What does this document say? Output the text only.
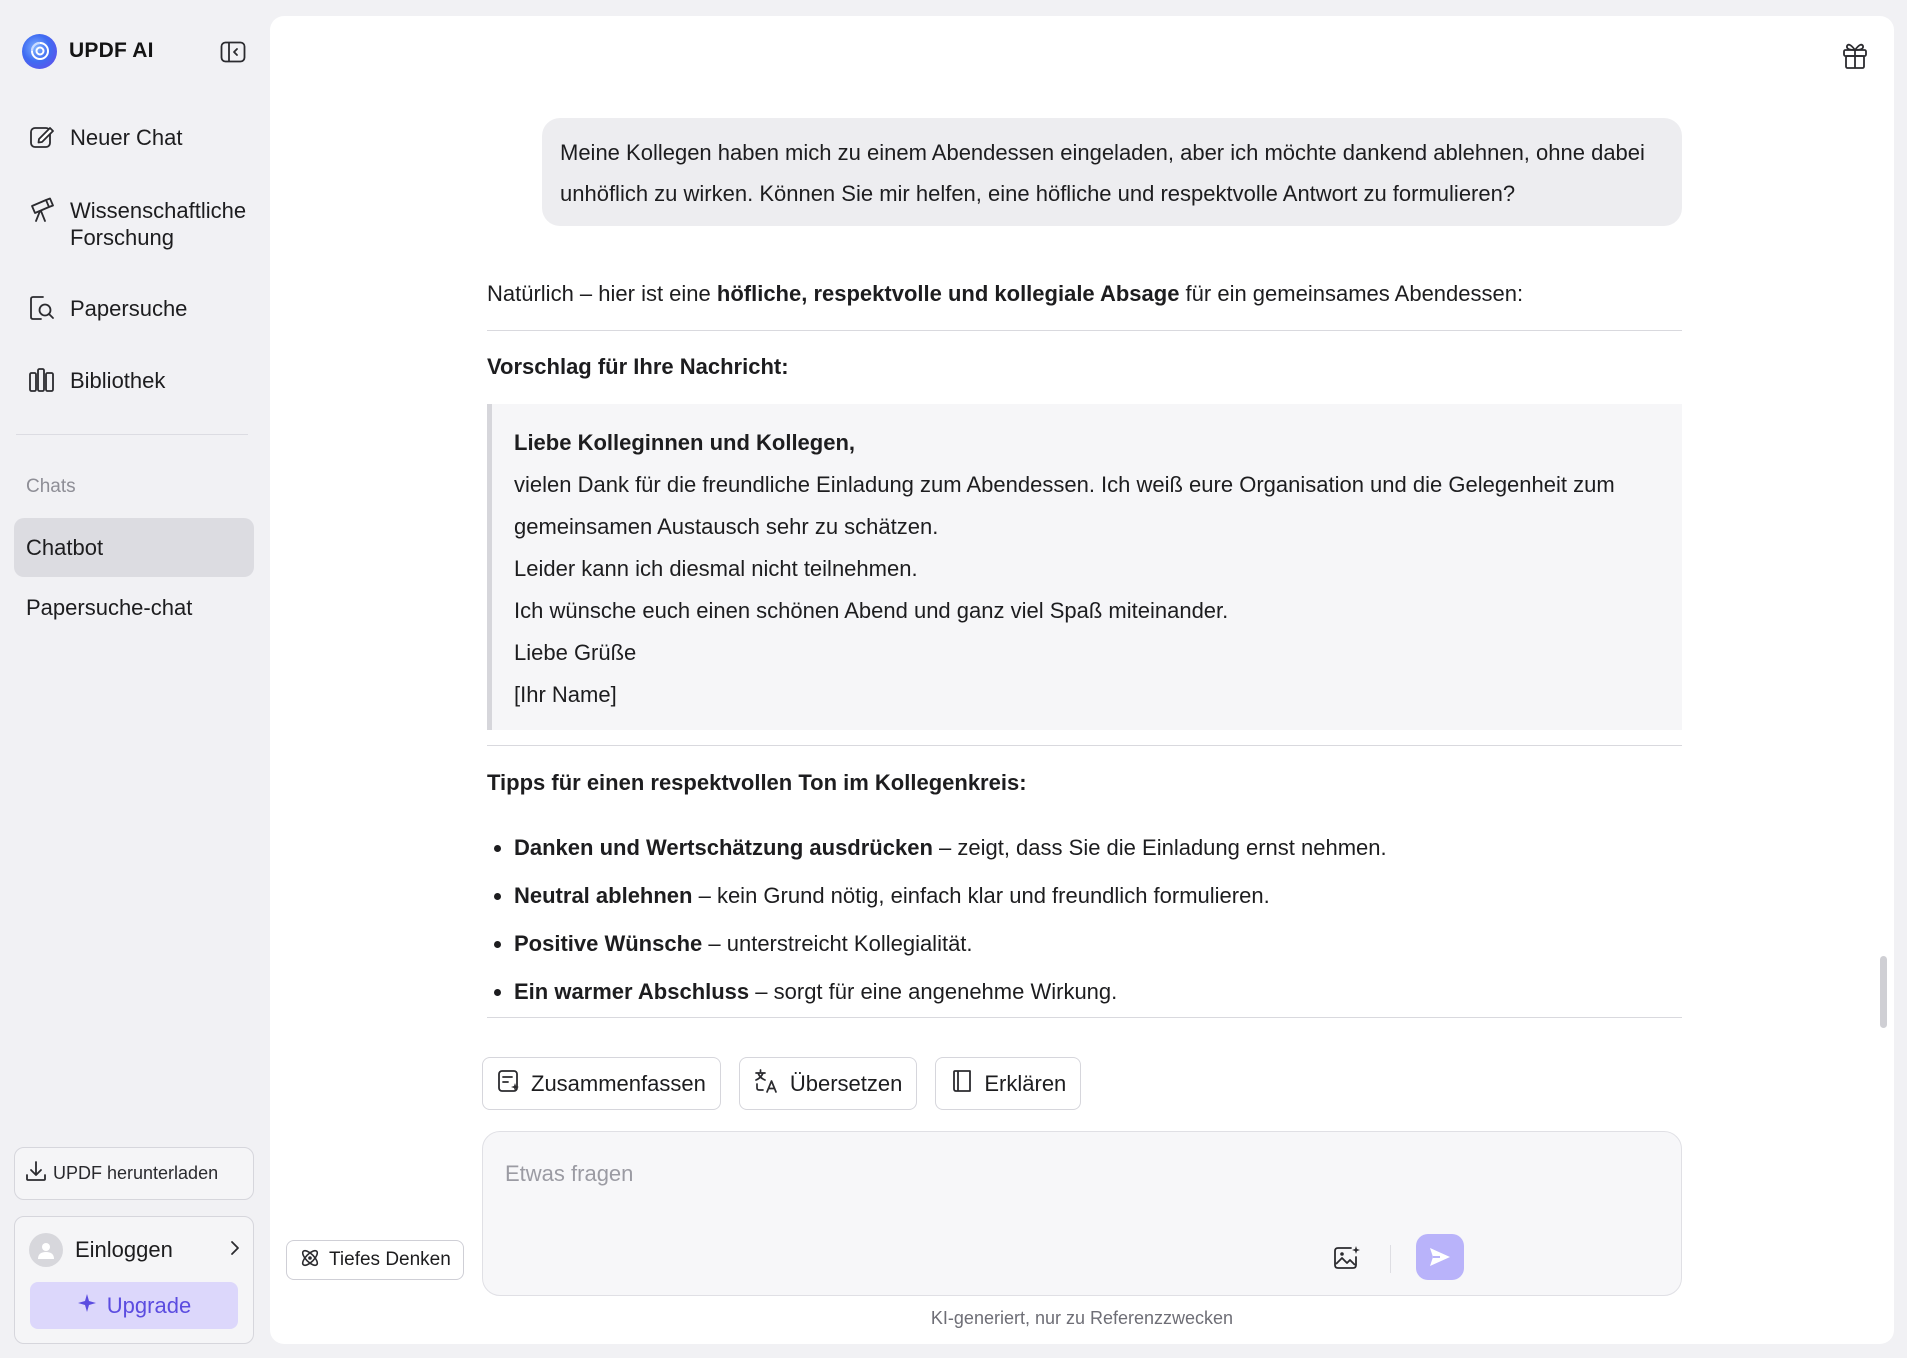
UPDF AI
Neuer Chat
Wissenschaftliche Forschung
Papersuche
Bibliothek
Chats
Chatbot
Papersuche-chat
UPDF herunterladen
Einloggen
Upgrade
Meine Kollegen haben mich zu einem Abendessen eingeladen, aber ich möchte dankend ablehnen, ohne dabei unhöflich zu wirken. Können Sie mir helfen, eine höfliche und respektvolle Antwort zu formulieren?
Natürlich – hier ist eine höfliche, respektvolle und kollegiale Absage für ein gemeinsames Abendessen:
Vorschlag für Ihre Nachricht:
Liebe Kolleginnen und Kollegen,
vielen Dank für die freundliche Einladung zum Abendessen. Ich weiß eure Organisation und die Gelegenheit zum
gemeinsamen Austausch sehr zu schätzen.
Leider kann ich diesmal nicht teilnehmen.
Ich wünsche euch einen schönen Abend und ganz viel Spaß miteinander.
Liebe Grüße
[Ihr Name]
Tipps für einen respektvollen Ton im Kollegenkreis:
Danken und Wertschätzung ausdrücken – zeigt, dass Sie die Einladung ernst nehmen.
Neutral ablehnen – kein Grund nötig, einfach klar und freundlich formulieren.
Positive Wünsche – unterstreicht Kollegialität.
Ein warmer Abschluss – sorgt für eine angenehme Wirkung.
Zusammenfassen	Übersetzen	Erklären
Etwas fragen
Tiefes Denken
KI-generiert, nur zu Referenzzwecken
